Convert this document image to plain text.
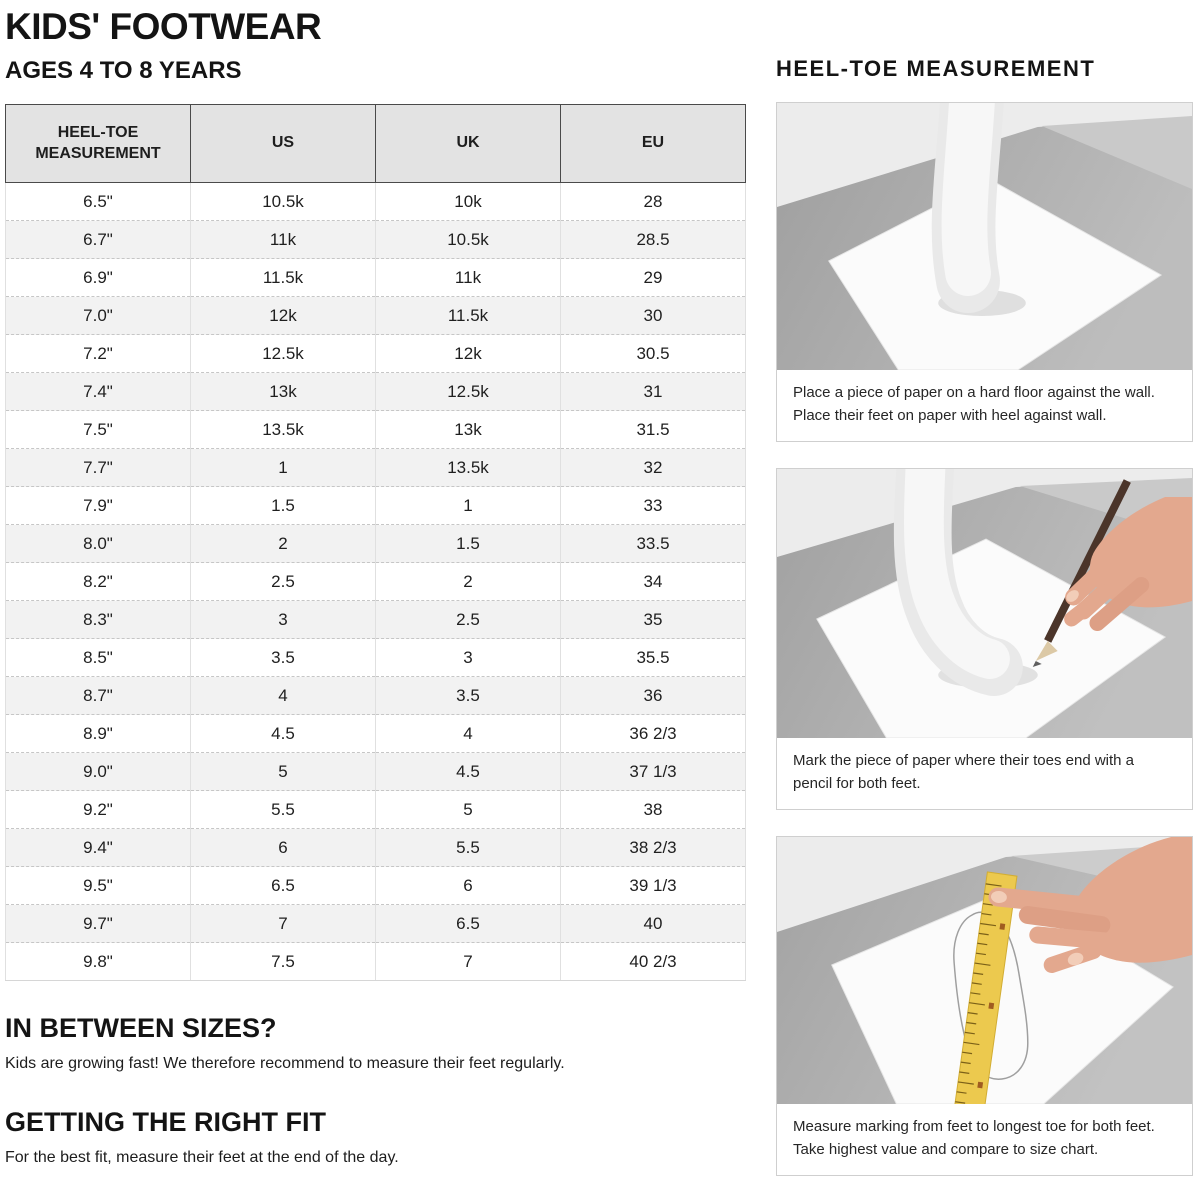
KIDS' FOOTWEAR
AGES 4 TO 8 YEARS
HEEL-TOE MEASUREMENT	US	UK	EU
6.5"	10.5k	10k	28
6.7"	11k	10.5k	28.5
6.9"	11.5k	11k	29
7.0"	12k	11.5k	30
7.2"	12.5k	12k	30.5
7.4"	13k	12.5k	31
7.5"	13.5k	13k	31.5
7.7"	1	13.5k	32
7.9"	1.5	1	33
8.0"	2	1.5	33.5
8.2"	2.5	2	34
8.3"	3	2.5	35
8.5"	3.5	3	35.5
8.7"	4	3.5	36
8.9"	4.5	4	36 2/3
9.0"	5	4.5	37 1/3
9.2"	5.5	5	38
9.4"	6	5.5	38 2/3
9.5"	6.5	6	39 1/3
9.7"	7	6.5	40
9.8"	7.5	7	40 2/3
IN BETWEEN SIZES?

Kids are growing fast! We therefore recommend to measure their feet regularly.

GETTING THE RIGHT FIT

For the best fit, measure their feet at the end of the day.

HEEL-TOE MEASUREMENT
Place a piece of paper on a hard floor against the wall. Place their feet on paper with heel against wall.
Mark the piece of paper where their toes end with a pencil for both feet.
Measure marking from feet to longest toe for both feet. Take highest value and compare to size chart.
